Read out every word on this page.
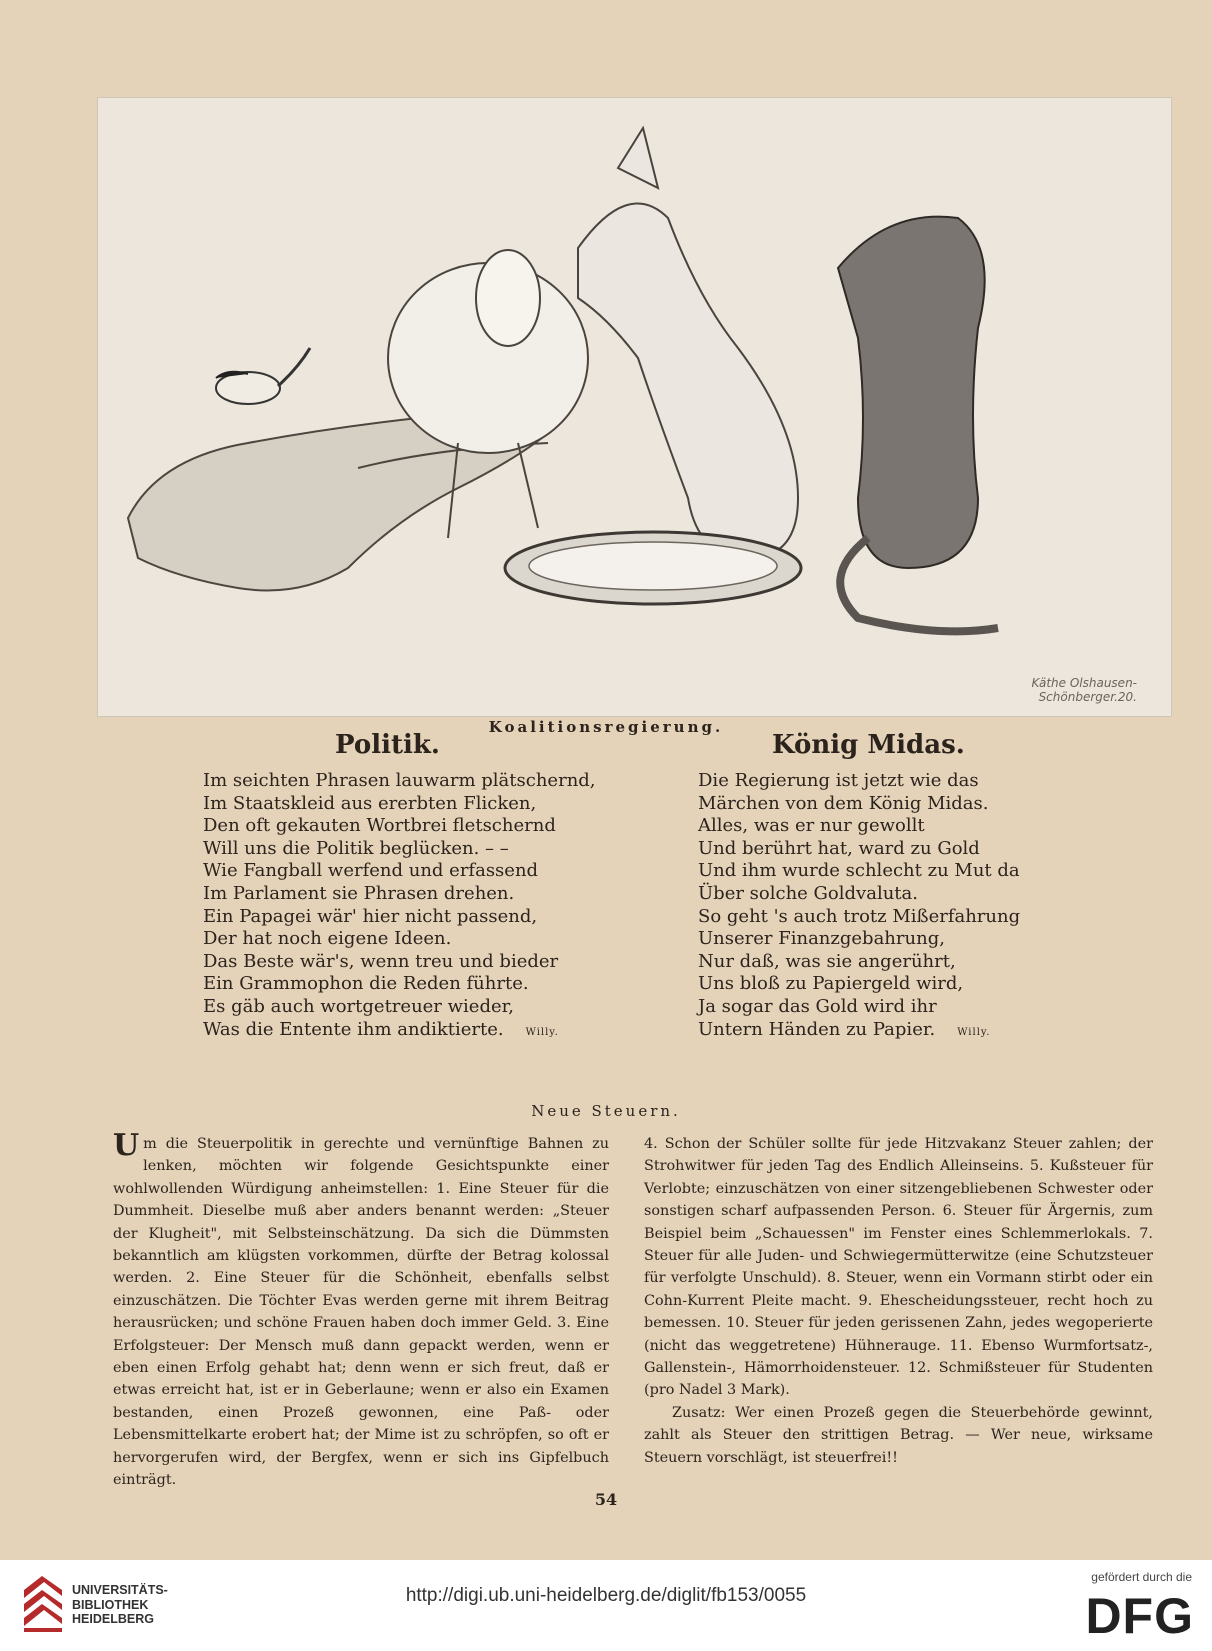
Käthe Olshausen-
Schönberger.20.
Koalitionsregierung.
Politik.
Im seichten Phrasen lauwarm plätschernd,
Im Staatskleid aus ererbten Flicken,
Den oft gekauten Wortbrei fletschernd
Will uns die Politik beglücken. – –
Wie Fangball werfend und erfassend
Im Parlament sie Phrasen drehen.
Ein Papagei wär' hier nicht passend,
Der hat noch eigene Ideen.
Das Beste wär's, wenn treu und bieder
Ein Grammophon die Reden führte.
Es gäb auch wortgetreuer wieder,
Was die Entente ihm andiktierte. Willy.
König Midas.
Die Regierung ist jetzt wie das
Märchen von dem König Midas.
Alles, was er nur gewollt
Und berührt hat, ward zu Gold
Und ihm wurde schlecht zu Mut da
Über solche Goldvaluta.
So geht 's auch trotz Mißerfahrung
Unserer Finanzgebahrung,
Nur daß, was sie angerührt,
Uns bloß zu Papiergeld wird,
Ja sogar das Gold wird ihr
Untern Händen zu Papier. Willy.
Neue Steuern.

Um die Steuerpolitik in gerechte und vernünftige Bahnen zu lenken, möchten wir folgende Gesichtspunkte einer wohlwollenden Würdigung anheimstellen: 1. Eine Steuer für die Dummheit. Dieselbe muß aber anders benannt werden: „Steuer der Klugheit", mit Selbsteinschätzung. Da sich die Dümmsten bekanntlich am klügsten vorkommen, dürfte der Betrag kolossal werden. 2. Eine Steuer für die Schönheit, ebenfalls selbst einzuschätzen. Die Töchter Evas werden gerne mit ihrem Beitrag herausrücken; und schöne Frauen haben doch immer Geld. 3. Eine Erfolgsteuer: Der Mensch muß dann gepackt werden, wenn er eben einen Erfolg gehabt hat; denn wenn er sich freut, daß er etwas erreicht hat, ist er in Geberlaune; wenn er also ein Examen bestanden, einen Prozeß gewonnen, eine Paß- oder Lebensmittelkarte erobert hat; der Mime ist zu schröpfen, so oft er hervorgerufen wird, der Bergfex, wenn er sich ins Gipfelbuch einträgt.

4. Schon der Schüler sollte für jede Hitzvakanz Steuer zahlen; der Strohwitwer für jeden Tag des Endlich Alleinseins. 5. Kußsteuer für Verlobte; einzuschätzen von einer sitzengebliebenen Schwester oder sonstigen scharf aufpassenden Person. 6. Steuer für Ärgernis, zum Beispiel beim „Schauessen" im Fenster eines Schlemmerlokals. 7. Steuer für alle Juden- und Schwiegermütterwitze (eine Schutzsteuer für verfolgte Unschuld). 8. Steuer, wenn ein Vormann stirbt oder ein Cohn-Kurrent Pleite macht. 9. Ehescheidungssteuer, recht hoch zu bemessen. 10. Steuer für jeden gerissenen Zahn, jedes wegoperierte (nicht das weggetretene) Hühnerauge. 11. Ebenso Wurmfortsatz-, Gallenstein-, Hämorrhoidensteuer. 12. Schmißsteuer für Studenten (pro Nadel 3 Mark).

Zusatz: Wer einen Prozeß gegen die Steuerbehörde gewinnt, zahlt als Steuer den strittigen Betrag. — Wer neue, wirksame Steuern vorschlägt, ist steuerfrei!!

54
UNIVERSITÄTS-
BIBLIOTHEK
HEIDELBERG
http://digi.ub.uni-heidelberg.de/diglit/fb153/0055
gefördert durch die
DFG
